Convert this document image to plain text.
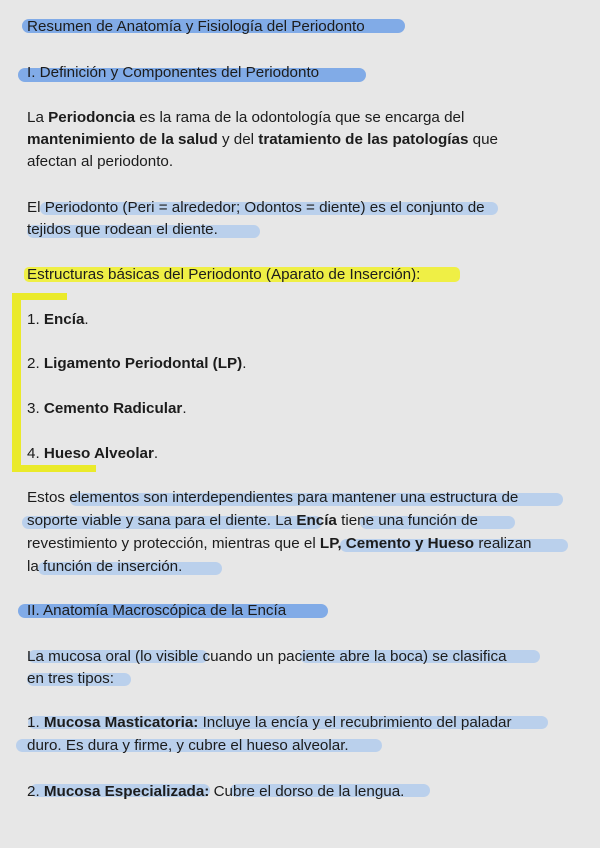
Resumen de Anatomía y Fisiología del Periodonto

I. Definición y Componentes del Periodonto

La Periodoncia es la rama de la odontología que se encarga del

mantenimiento de la salud y del tratamiento de las patologías que

afectan al periodonto.

El Periodonto (Peri = alrededor; Odontos = diente) es el conjunto de

tejidos que rodean el diente.

Estructuras básicas del Periodonto (Aparato de Inserción):

1. Encía.

2. Ligamento Periodontal (LP).

3. Cemento Radicular.

4. Hueso Alveolar.

Estos elementos son interdependientes para mantener una estructura de

soporte viable y sana para el diente. La Encía tiene una función de

revestimiento y protección, mientras que el LP, Cemento y Hueso realizan

la función de inserción.

II. Anatomía Macroscópica de la Encía

La mucosa oral (lo visible cuando un paciente abre la boca) se clasifica

en tres tipos:

1. Mucosa Masticatoria: Incluye la encía y el recubrimiento del paladar

duro. Es dura y firme, y cubre el hueso alveolar.

2. Mucosa Especializada: Cubre el dorso de la lengua.
